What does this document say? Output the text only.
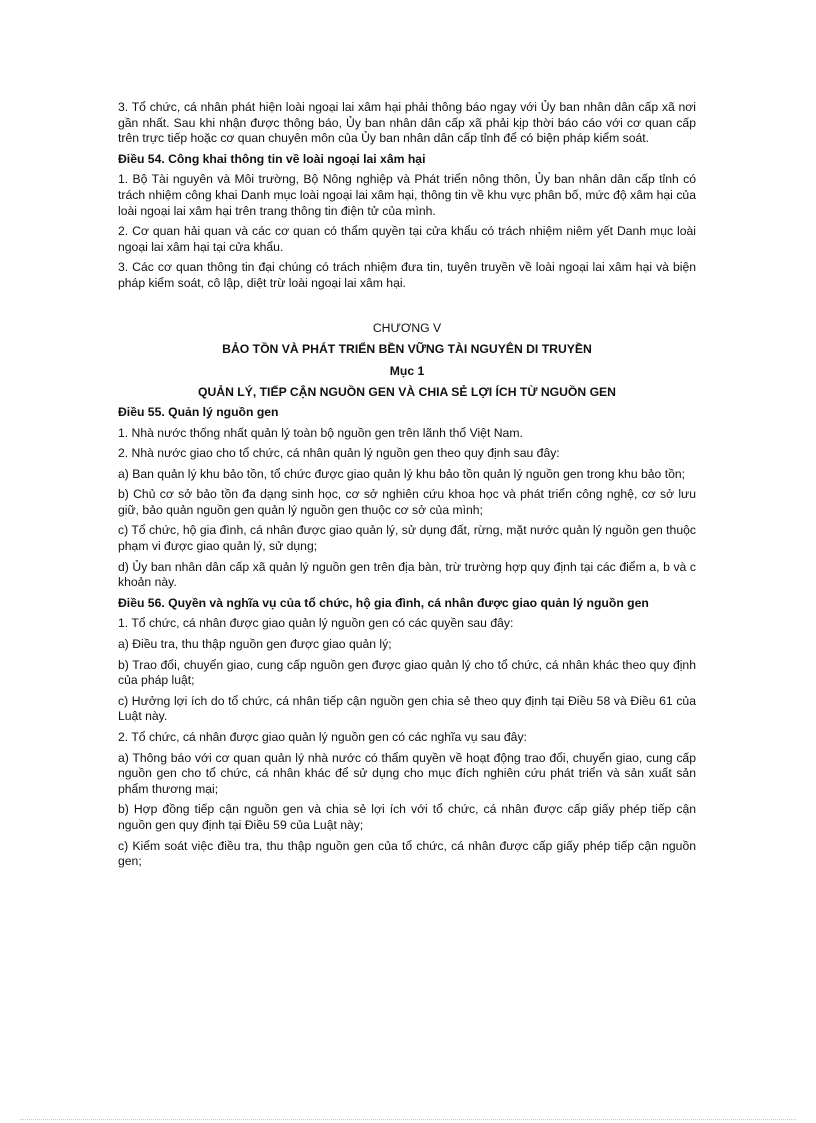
3. Tổ chức, cá nhân phát hiện loài ngoại lai xâm hại phải thông báo ngay với Ủy ban nhân dân cấp xã nơi gần nhất. Sau khi nhận được thông báo, Ủy ban nhân dân cấp xã phải kịp thời báo cáo với cơ quan cấp trên trực tiếp hoặc cơ quan chuyên môn của Ủy ban nhân dân cấp tỉnh để có biện pháp kiểm soát.
Điều 54. Công khai thông tin về loài ngoại lai xâm hại
1. Bộ Tài nguyên và Môi trường, Bộ Nông nghiệp và Phát triển nông thôn, Ủy ban nhân dân cấp tỉnh có trách nhiệm công khai Danh mục loài ngoại lai xâm hại, thông tin về khu vực phân bố, mức độ xâm hại của loài ngoại lai xâm hại trên trang thông tin điện tử của mình.
2. Cơ quan hải quan và các cơ quan có thẩm quyền tại cửa khẩu có trách nhiệm niêm yết Danh mục loài ngoại lai xâm hại tại cửa khẩu.
3. Các cơ quan thông tin đại chúng có trách nhiệm đưa tin, tuyên truyền về loài ngoại lai xâm hại và biện pháp kiểm soát, cô lập, diệt trừ loài ngoại lai xâm hại.
CHƯƠNG V
BẢO TỒN VÀ PHÁT TRIỂN BỀN VỮNG TÀI NGUYÊN DI TRUYỀN
Mục 1
QUẢN LÝ, TIẾP CẬN NGUỒN GEN VÀ CHIA SẺ LỢI ÍCH TỪ NGUỒN GEN
Điều 55. Quản lý nguồn gen
1. Nhà nước thống nhất quản lý toàn bộ nguồn gen trên lãnh thổ Việt Nam.
2. Nhà nước giao cho tổ chức, cá nhân quản lý nguồn gen theo quy định sau đây:
a) Ban quản lý khu bảo tồn, tổ chức được giao quản lý khu bảo tồn quản lý nguồn gen trong khu bảo tồn;
b) Chủ cơ sở bảo tồn đa dạng sinh học, cơ sở nghiên cứu khoa học và phát triển công nghệ, cơ sở lưu giữ, bảo quản nguồn gen quản lý nguồn gen thuộc cơ sở của mình;
c) Tổ chức, hộ gia đình, cá nhân được giao quản lý, sử dụng đất, rừng, mặt nước quản lý nguồn gen thuộc phạm vi được giao quản lý, sử dụng;
d) Ủy ban nhân dân cấp xã quản lý nguồn gen trên địa bàn, trừ trường hợp quy định tại các điểm a, b và c khoản này.
Điều 56. Quyền và nghĩa vụ của tổ chức, hộ gia đình, cá nhân được giao quản lý nguồn gen
1. Tổ chức, cá nhân được giao quản lý nguồn gen có các quyền sau đây:
a) Điều tra, thu thập nguồn gen được giao quản lý;
b) Trao đổi, chuyển giao, cung cấp nguồn gen được giao quản lý cho tổ chức, cá nhân khác theo quy định của pháp luật;
c) Hưởng lợi ích do tổ chức, cá nhân tiếp cận nguồn gen chia sẻ theo quy định tại Điều 58 và Điều 61 của Luật này.
2. Tổ chức, cá nhân được giao quản lý nguồn gen có các nghĩa vụ sau đây:
a) Thông báo với cơ quan quản lý nhà nước có thẩm quyền về hoạt động trao đổi, chuyển giao, cung cấp nguồn gen cho tổ chức, cá nhân khác để sử dụng cho mục đích nghiên cứu phát triển và sản xuất sản phẩm thương mại;
b) Hợp đồng tiếp cận nguồn gen và chia sẻ lợi ích với tổ chức, cá nhân được cấp giấy phép tiếp cận nguồn gen quy định tại Điều 59 của Luật này;
c) Kiểm soát việc điều tra, thu thập nguồn gen của tổ chức, cá nhân được cấp giấy phép tiếp cận nguồn gen;
